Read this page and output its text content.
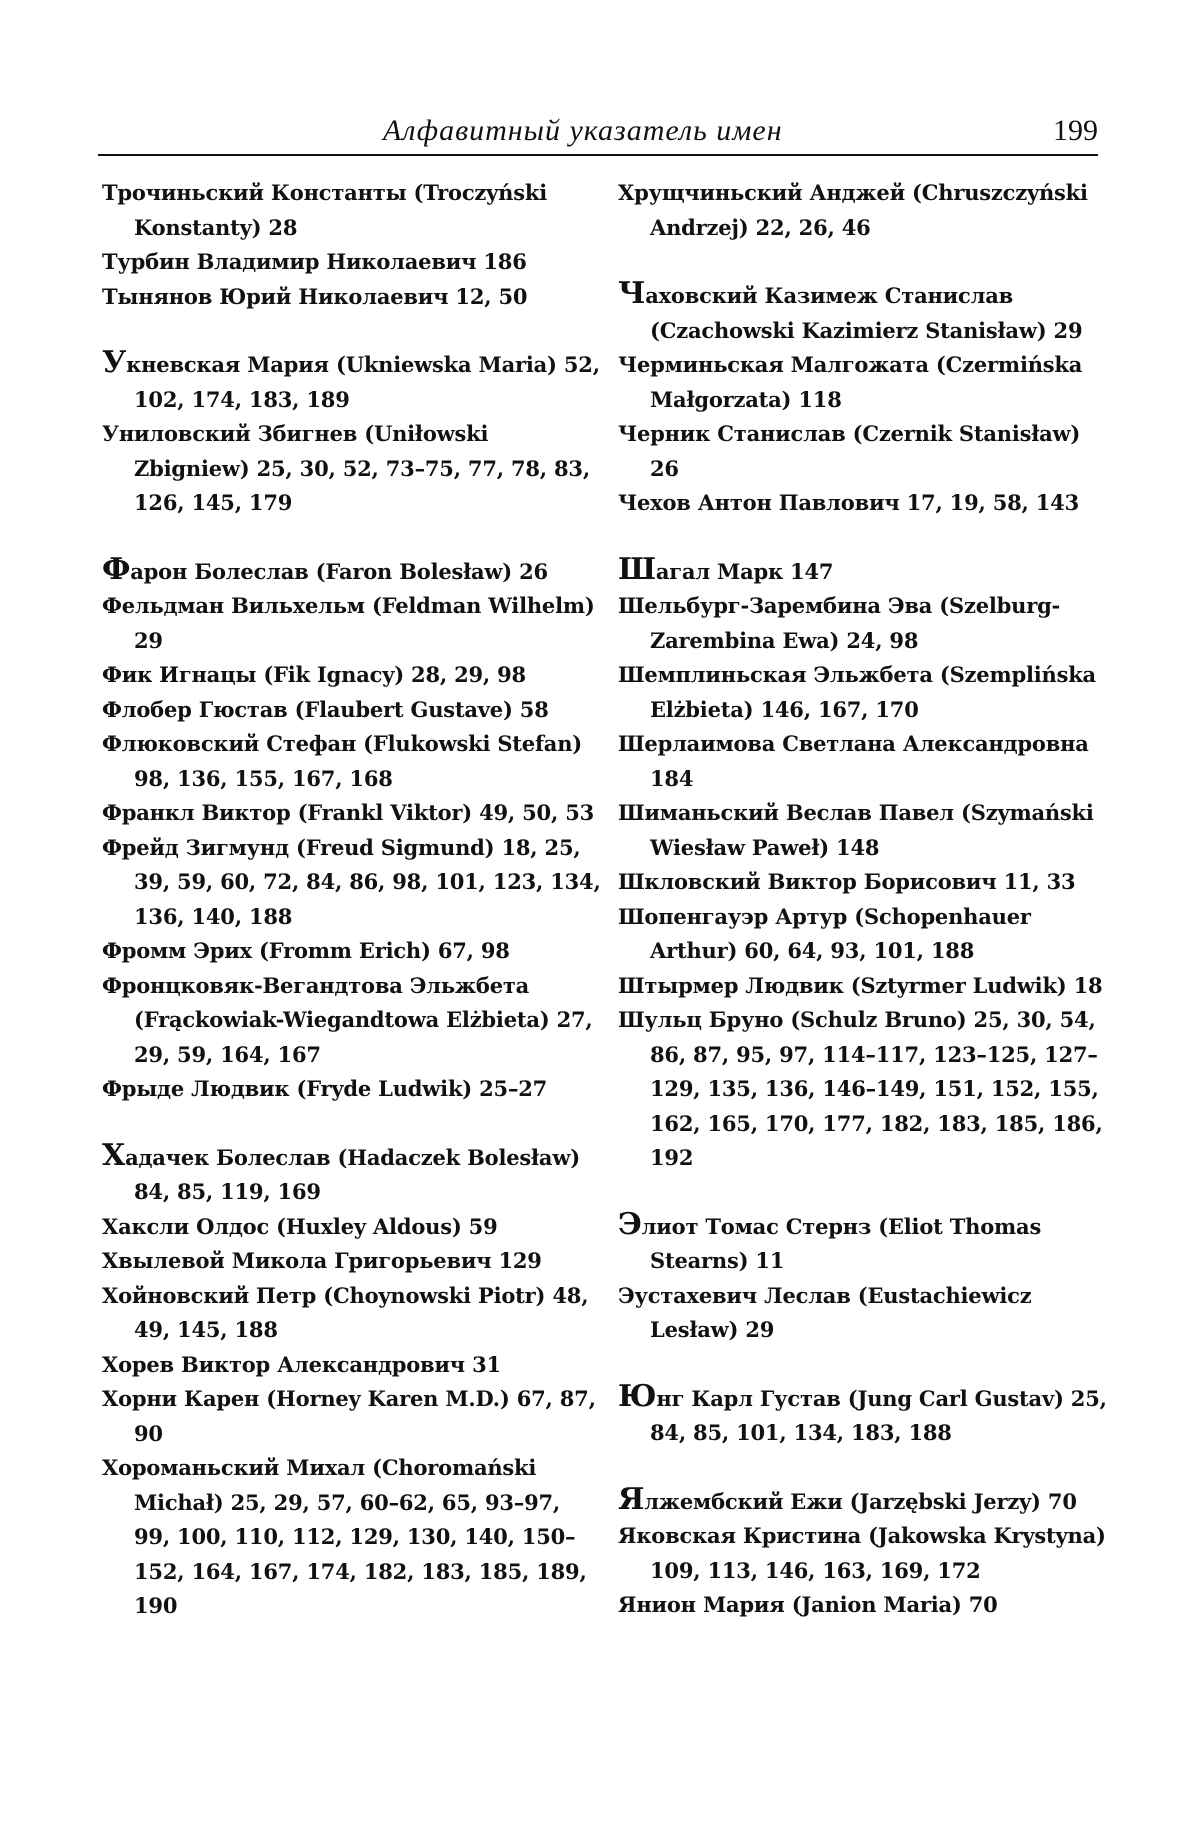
Алфавитный указатель имен	199
Трочиньский Константы (Troczyński Konstanty) 28
Турбин Владимир Николаевич 186
Тынянов Юрий Николаевич 12, 50
Укневская Мария (Ukniewska Maria) 52, 102, 174, 183, 189
Униловский Збигнев (Uniłowski Zbigniew) 25, 30, 52, 73–75, 77, 78, 83, 126, 145, 179
Фарон Болеслав (Faron Bolesław) 26
Фельдман Вильхельм (Feldman Wilhelm) 29
Фик Игнацы (Fik Ignacy) 28, 29, 98
Флобер Гюстав (Flaubert Gustave) 58
Флюковский Стефан (Flukowski Stefan) 98, 136, 155, 167, 168
Франкл Виктор (Frankl Viktor) 49, 50, 53
Фрейд Зигмунд (Freud Sigmund) 18, 25, 39, 59, 60, 72, 84, 86, 98, 101, 123, 134, 136, 140, 188
Фромм Эрих (Fromm Erich) 67, 98
Фронцковяк-Вегандтова Эльжбета (Frąckowiak-Wiegandtowa Elżbieta) 27, 29, 59, 164, 167
Фрыде Людвик (Fryde Ludwik) 25–27
Хадачек Болеслав (Hadaczek Bolesław) 84, 85, 119, 169
Хаксли Олдос (Huxley Aldous) 59
Хвылевой Микола Григорьевич 129
Хойновский Петр (Choynowski Piotr) 48, 49, 145, 188
Хорев Виктор Александрович 31
Хорни Карен (Horney Karen M.D.) 67, 87, 90
Хороманьский Михал (Choromański Michał) 25, 29, 57, 60–62, 65, 93–97, 99, 100, 110, 112, 129, 130, 140, 150–152, 164, 167, 174, 182, 183, 185, 189, 190
Хрущчиньский Анджей (Chruszczyński Andrzej) 22, 26, 46
Чаховский Казимеж Станислав (Czachowski Kazimierz Stanisław) 29
Черминьская Малгожата (Czermińska Małgorzata) 118
Черник Станислав (Czernik Stanisław) 26
Чехов Антон Павлович 17, 19, 58, 143
Шагал Марк 147
Шельбург-Зарембина Эва (Szelburg-Zarembina Ewa) 24, 98
Шемплиньская Эльжбета (Szemplińska Elżbieta) 146, 167, 170
Шерлаимова Светлана Александровна 184
Шиманьский Веслав Павел (Szymański Wiesław Paweł) 148
Шкловский Виктор Борисович 11, 33
Шопенгауэр Артур (Schopenhauer Arthur) 60, 64, 93, 101, 188
Штырмер Людвик (Sztyrmer Ludwik) 18
Шульц Бруно (Schulz Bruno) 25, 30, 54, 86, 87, 95, 97, 114–117, 123–125, 127–129, 135, 136, 146–149, 151, 152, 155, 162, 165, 170, 177, 182, 183, 185, 186, 192
Элиот Томас Стернз (Eliot Thomas Stearns) 11
Эустахевич Леслав (Eustachiewicz Lesław) 29
Юнг Карл Густав (Jung Carl Gustav) 25, 84, 85, 101, 134, 183, 188
Ялжембский Ежи (Jarzębski Jerzy) 70
Яковская Кристина (Jakowska Krystyna) 109, 113, 146, 163, 169, 172
Янион Мария (Janion Maria) 70
